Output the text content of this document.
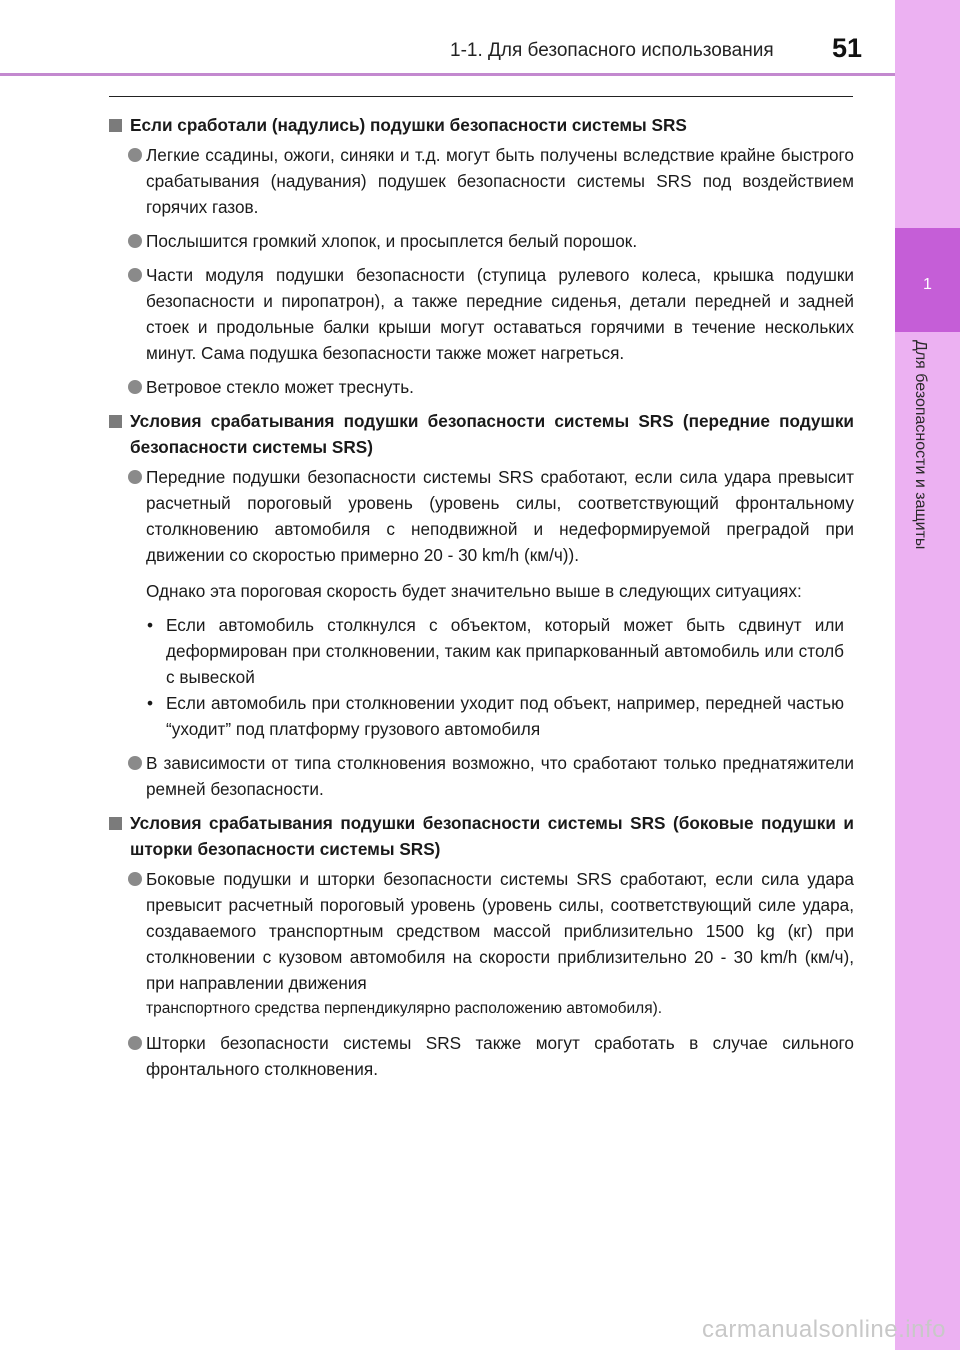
1-1. Для безопасного использования 51
1
Для безопасности и защиты
Если сработали (надулись) подушки безопасности системы SRS
Легкие ссадины, ожоги, синяки и т.д. могут быть получены вследствие крайне быстрого срабатывания (надувания) подушек безопасности системы SRS под воздействием горячих газов.
Послышится громкий хлопок, и просыплется белый порошок.
Части модуля подушки безопасности (ступица рулевого колеса, крышка подушки безопасности и пиропатрон), а также передние сиденья, детали передней и задней стоек и продольные балки крыши могут оставаться горячими в течение нескольких минут. Сама подушка безопасности также может нагреться.
Ветровое стекло может треснуть.
Условия срабатывания подушки безопасности системы SRS (передние подушки безопасности системы SRS)
Передние подушки безопасности системы SRS сработают, если сила удара превысит расчетный пороговый уровень (уровень силы, соответствующий фронтальному столкновению автомобиля с неподвижной и недеформируемой преградой при движении со скоростью примерно 20 - 30 km/h (км/ч)).
Однако эта пороговая скорость будет значительно выше в следующих ситуациях:
• Если автомобиль столкнулся с объектом, который может быть сдвинут или деформирован при столкновении, таким как припаркованный автомобиль или столб с вывеской
• Если автомобиль при столкновении уходит под объект, например, передней частью “уходит” под платформу грузового автомобиля
В зависимости от типа столкновения возможно, что сработают только преднатяжители ремней безопасности.
Условия срабатывания подушки безопасности системы SRS (боковые подушки и шторки безопасности системы SRS)
Боковые подушки и шторки безопасности системы SRS сработают, если сила удара превысит расчетный пороговый уровень (уровень силы, соответствующий силе удара, создаваемого транспортным средством массой приблизительно 1500 kg (кг) при столкновении с кузовом автомобиля на скорости приблизительно 20 - 30 km/h (км/ч), при направлении движения
транспортного средства перпендикулярно расположению автомобиля).
Шторки безопасности системы SRS также могут сработать в случае сильного фронтального столкновения.
carmanualsonline.info
